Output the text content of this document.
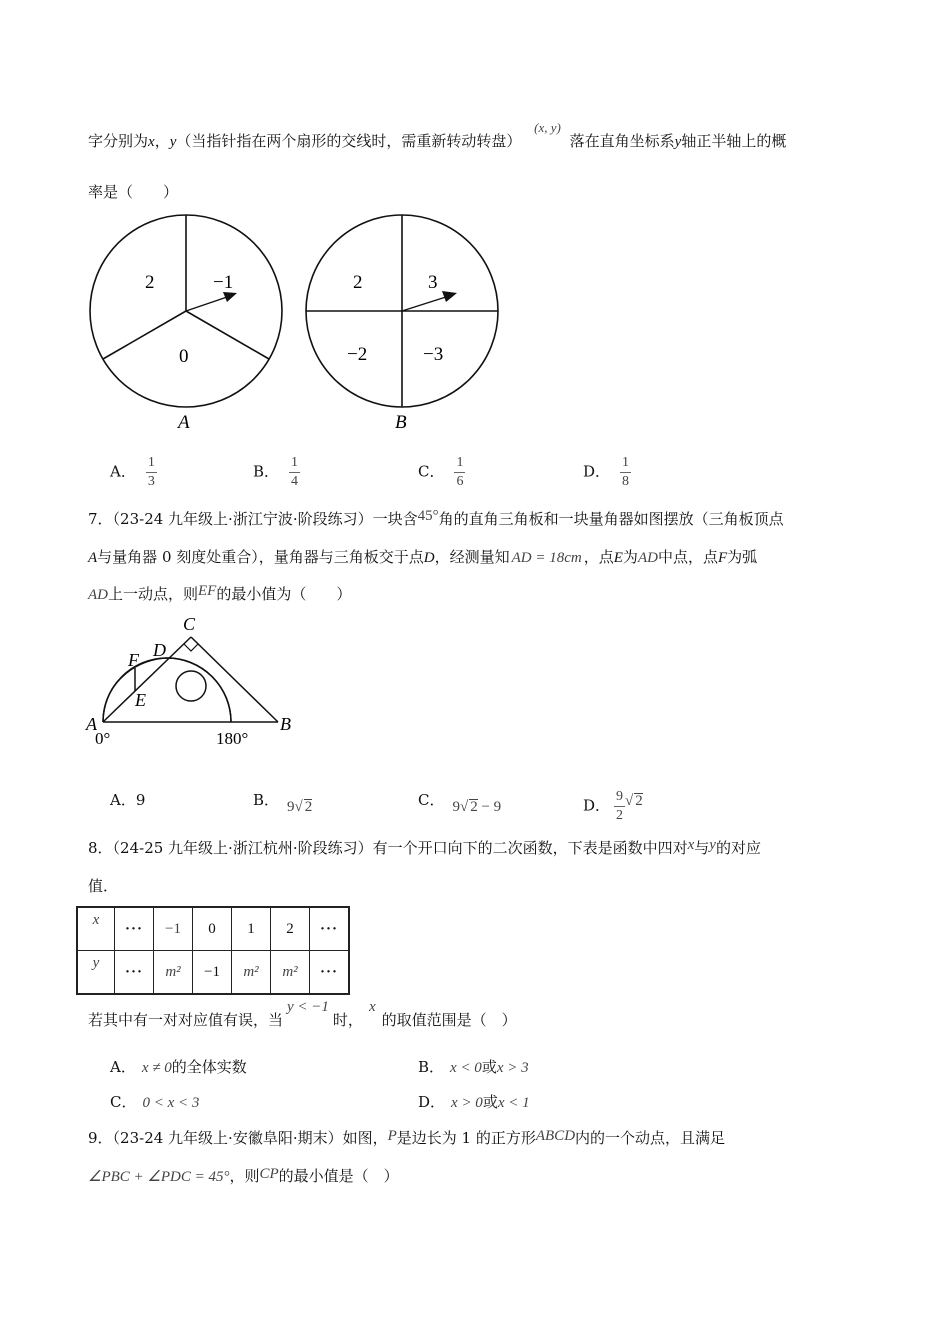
字分别为x，y（当指针指在两个扇形的交线时，需重新转动转盘） (x, y) 落在直角坐标系y轴正半轴上的概
率是（　　）
2	−1
0
A
2	3
−2	−3
B
A． $\frac{1}{3}$	B． $\frac{1}{4}$	C． $\frac{1}{6}$	D． $\frac{1}{8}$
7．（23-24 九年级上·浙江宁波·阶段练习）一块含45°角的直角三角板和一块量角器如图摆放（三角板顶点
A与量角器 0 刻度处重合），量角器与三角板交于点D，经测量知 AD = 18cm ，点E为AD中点，点F为弧
AD上一动点，则EF的最小值为（　　）
C
D
F
E
A	B
0°	180°
A．9	B． 9√ 2	C． 9√ 2 − 9	D． $\frac{9}{2}$ √ 2
8．（24-25 九年级上·浙江杭州·阶段练习）有一个开口向下的二次函数，下表是函数中四对x与y的对应
值．
x	···	−1	0	1	2	···
y	···	m²	−1	m²	m²	···
若其中有一对对应值有误，当y < −1时，x的取值范围是（　）
A． x ≠ 0的全体实数	B． x < 0或x > 3
C． 0 < x < 3	D． x > 0或x < 1
9．（23-24 九年级上·安徽阜阳·期末）如图，P是边长为 1 的正方形ABCD内的一个动点，且满足
∠PBC + ∠PDC = 45°，则CP的最小值是（　）
